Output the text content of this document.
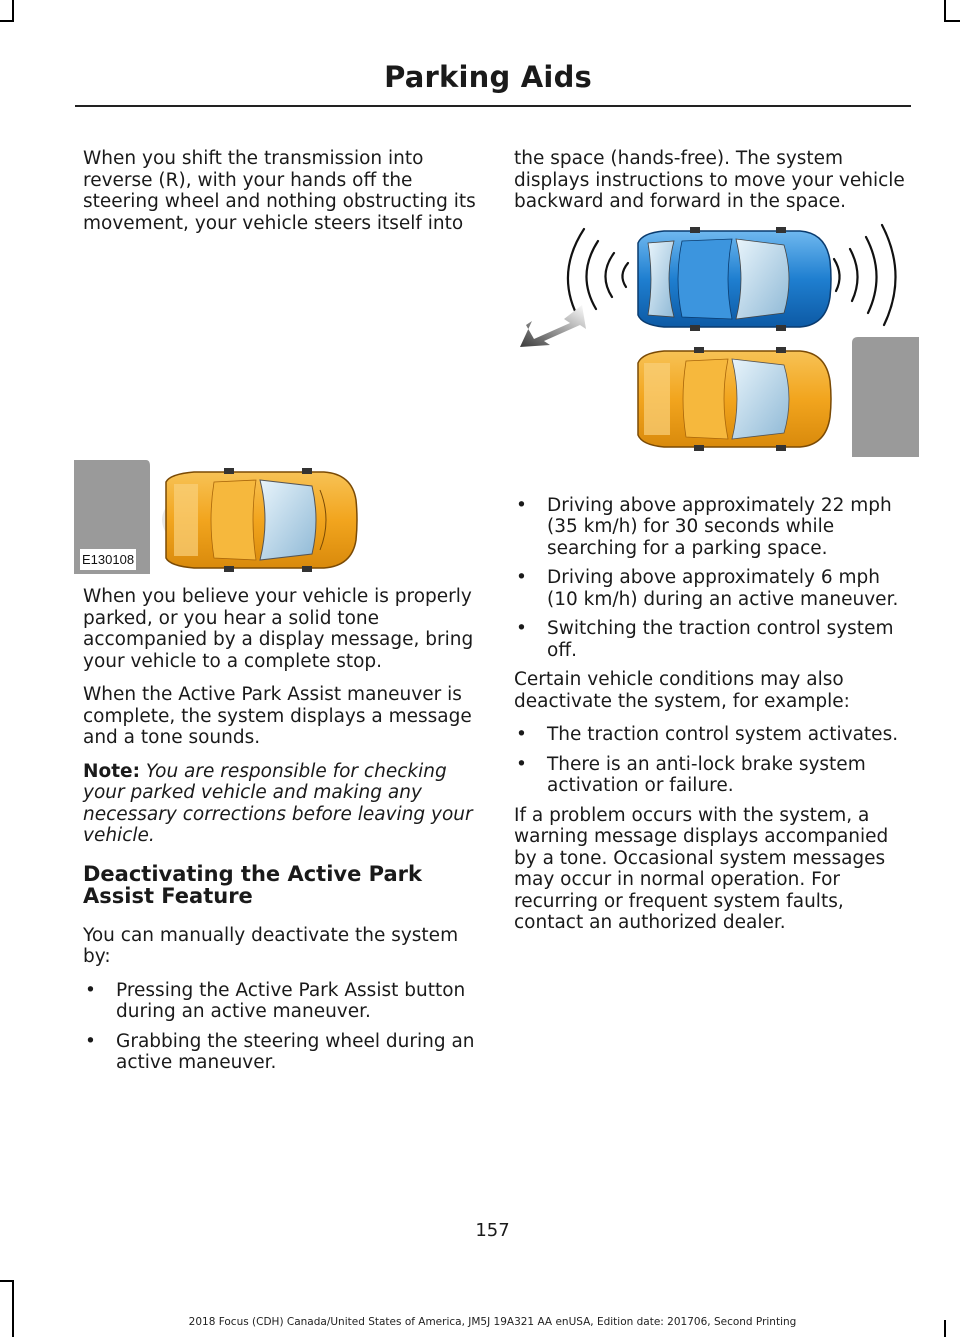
Parking Aids

When you shift the transmission into reverse (R), with your hands off the steering wheel and nothing obstructing its movement, your vehicle steers itself into

E130108

When you believe your vehicle is properly parked, or you hear a solid tone accompanied by a display message, bring your vehicle to a complete stop.

When the Active Park Assist maneuver is complete, the system displays a message and a tone sounds.

Note: You are responsible for checking your parked vehicle and making any necessary corrections before leaving your vehicle.

Deactivating the Active Park Assist Feature

You can manually deactivate the system by:

• Pressing the Active Park Assist button during an active maneuver.
• Grabbing the steering wheel during an active maneuver.

the space (hands-free). The system displays instructions to move your vehicle backward and forward in the space.

• Driving above approximately 22 mph (35 km/h) for 30 seconds while searching for a parking space.
• Driving above approximately 6 mph (10 km/h) during an active maneuver.
• Switching the traction control system off.

Certain vehicle conditions may also deactivate the system, for example:

• The traction control system activates.
• There is an anti-lock brake system activation or failure.

If a problem occurs with the system, a warning message displays accompanied by a tone. Occasional system messages may occur in normal operation. For recurring or frequent system faults, contact an authorized dealer.

157
2018 Focus (CDH) Canada/United States of America, JM5J 19A321 AA enUSA, Edition date: 201706, Second Printing
